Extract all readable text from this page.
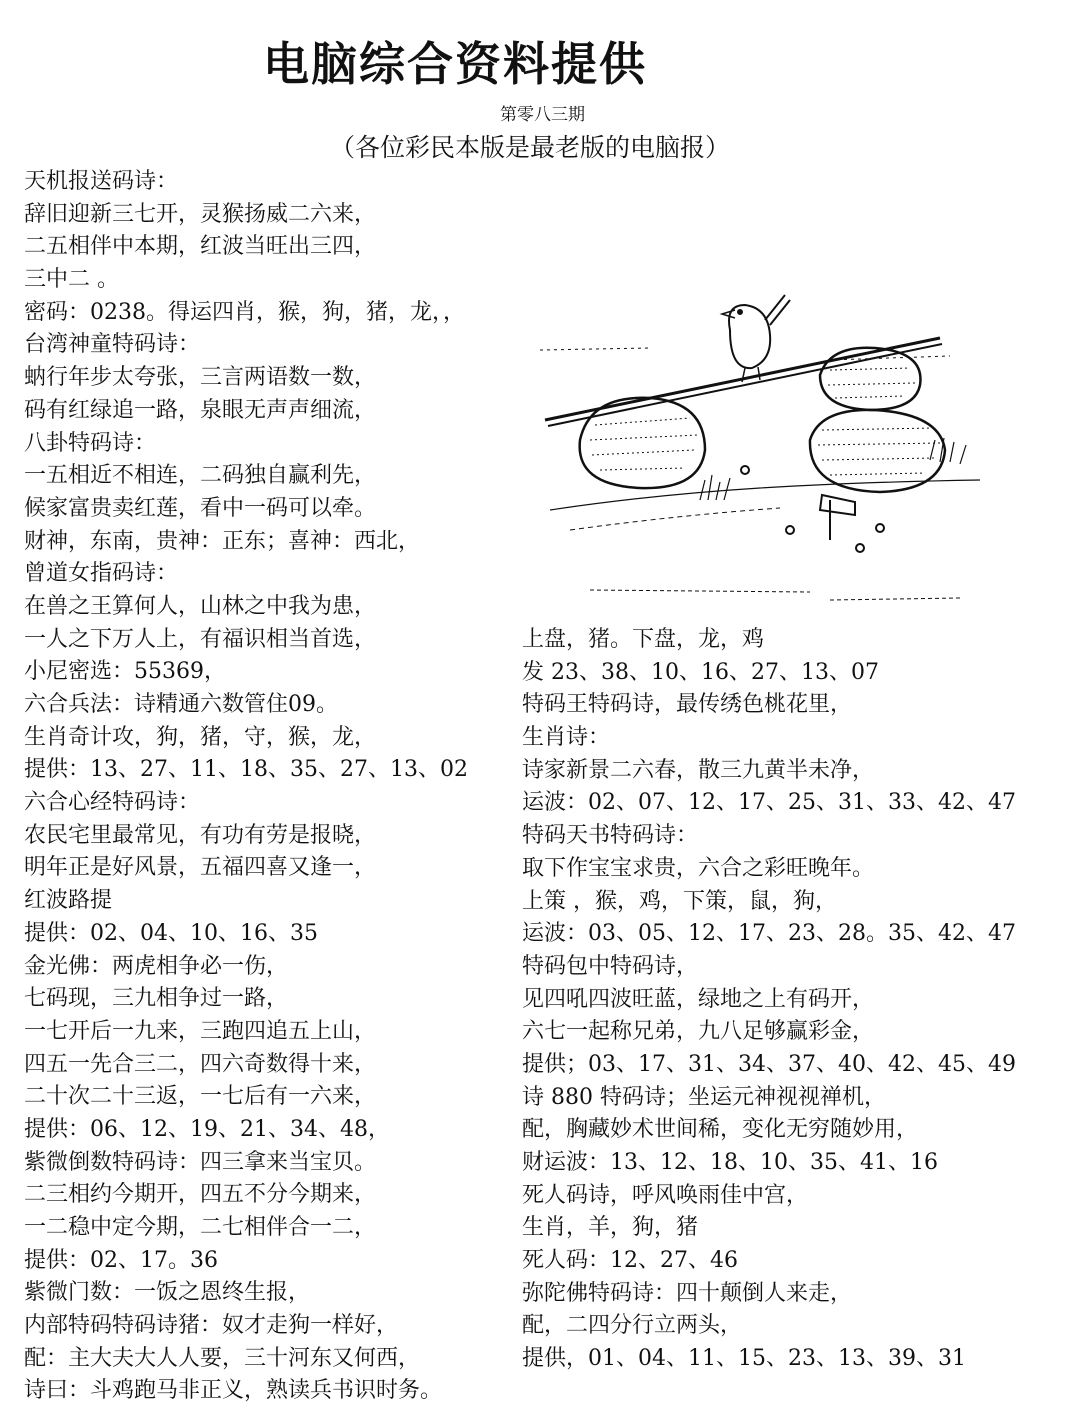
电脑综合资料提供
第零八三期
（各位彩民本版是最老版的电脑报）
天机报送码诗：
辞旧迎新三七开，灵猴扬威二六来，
二五相伴中本期，红波当旺出三四，
三中二 。
密码：0238。得运四肖，猴，狗，猪，龙，，
台湾神童特码诗：
蚋行年步太夸张，三言两语数一数，
码有红绿追一路，泉眼无声声细流，
八卦特码诗：
一五相近不相连，二码独自赢利先，
候家富贵卖红莲，看中一码可以牵。
财神，东南，贵神：正东；喜神：西北，
曾道女指码诗：
在兽之王算何人，山林之中我为患，
一人之下万人上，有福识相当首选，
小尼密选：55369，
六合兵法：诗精通六数管住09。
生肖奇计攻，狗，猪，守，猴，龙，
提供：13、27、11、18、35、27、13、02
六合心经特码诗：
农民宅里最常见，有功有劳是报晓，
明年正是好风景，五福四喜又逢一，
红波路提
提供：02、04、10、16、35
金光佛：两虎相争必一伤，
七码现，三九相争过一路，
一七开后一九来，三跑四追五上山，
四五一先合三二，四六奇数得十来，
二十次二十三返，一七后有一六来，
提供：06、12、19、21、34、48，
紫微倒数特码诗：四三拿来当宝贝。
二三相约今期开，四五不分今期来，
一二稳中定今期，二七相伴合一二，
提供：02、17。36
紫微门数：一饭之恩终生报，
内部特码特码诗猪：奴才走狗一样好，
配：主大夫大人人要，三十河东又何西，
诗曰：斗鸡跑马非正义，熟读兵书识时务。
上盘，猪。下盘，龙，鸡
发 23、38、10、16、27、13、07
特码王特码诗，最传绣色桃花里，
生肖诗：
诗家新景二六春，散三九黄半未净，
运波：02、07、12、17、25、31、33、42、47
特码天书特码诗：
取下作宝宝求贵，六合之彩旺晚年。
上策 ，猴，鸡，下策，鼠，狗，
运波：03、05、12、17、23、28。35、42、47
特码包中特码诗，
见四吼四波旺蓝，绿地之上有码开，
六七一起称兄弟，九八足够赢彩金，
提供；03、17、31、34、37、40、42、45、49
诗 880 特码诗；坐运元神视视禅机，
配，胸藏妙术世间稀，变化无穷随妙用，
财运波：13、12、18、10、35、41、16
死人码诗，呼风唤雨佳中宫，
生肖，羊，狗，猪
死人码：12、27、46
弥陀佛特码诗：四十颠倒人来走，
配，二四分行立两头，
提供，01、04、11、15、23、13、39、31
